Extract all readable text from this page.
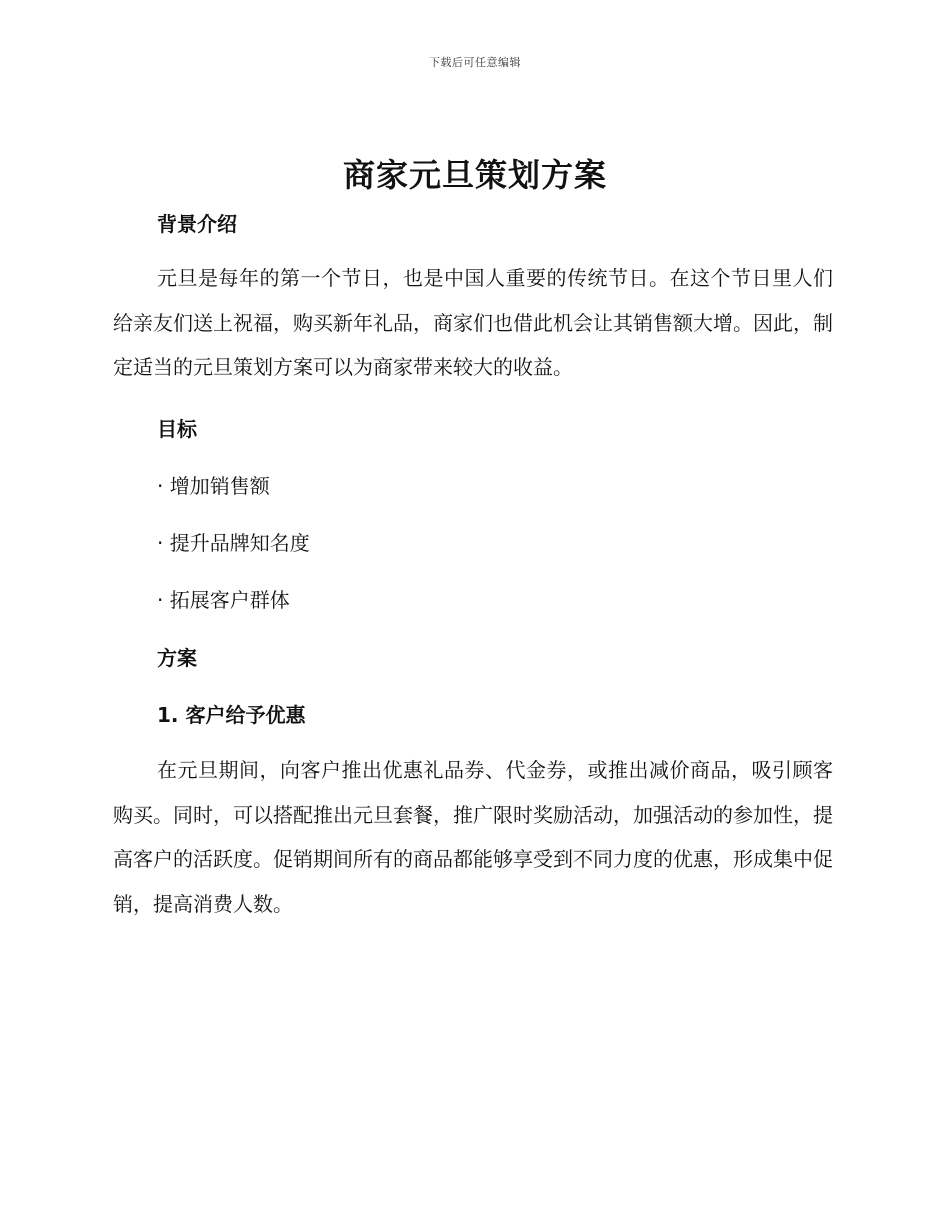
下载后可任意编辑
商家元旦策划方案
背景介绍

元旦是每年的第一个节日，也是中国人重要的传统节日。在这个节日里人们给亲友们送上祝福，购买新年礼品，商家们也借此机会让其销售额大增。因此，制定适当的元旦策划方案可以为商家带来较大的收益。

目标
· 增加销售额
· 提升品牌知名度
· 拓展客户群体
方案
1. 客户给予优惠

在元旦期间，向客户推出优惠礼品券、代金券，或推出减价商品，吸引顾客购买。同时，可以搭配推出元旦套餐，推广限时奖励活动，加强活动的参加性，提高客户的活跃度。促销期间所有的商品都能够享受到不同力度的优惠，形成集中促销，提高消费人数。
